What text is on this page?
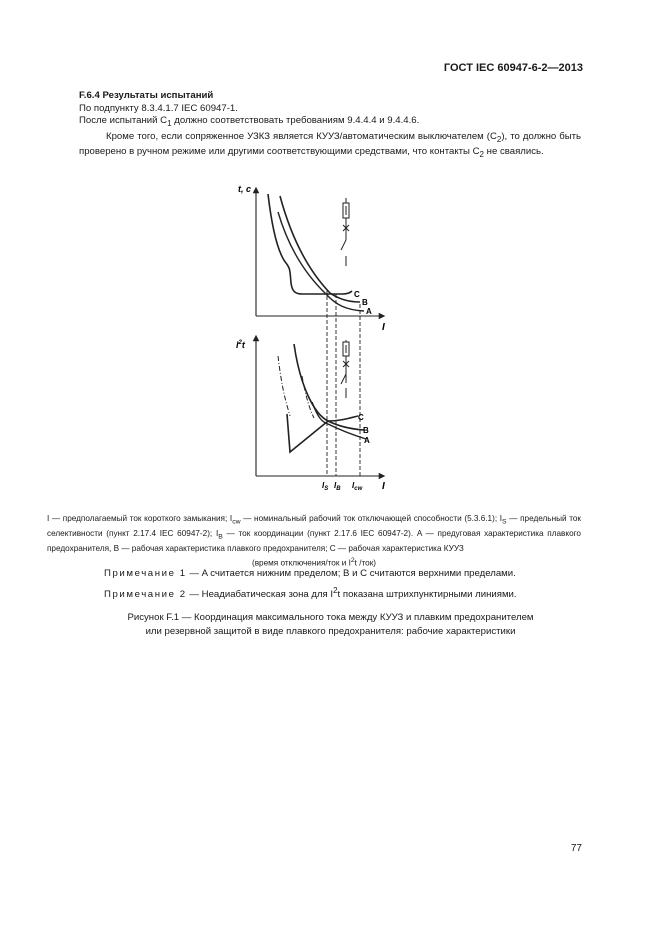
ГОСТ IEC 60947-6-2—2013

F.6.4 Результаты испытаний

По подпункту 8.3.4.1.7 IEC 60947-1.

После испытаний $C_1$ должно соответствовать требованиям 9.4.4.4 и 9.4.4.6.

Кроме того, если сопряженное УЗКЗ является КУУЗ/автоматическим выключателем $(C_2)$, то должно быть проверено в ручном режиме или другими соответствующими средствами, что контакты $C_2$ не сваялись.

t, c
I
C
B
A
$I^2t$
I
C
B
A
$I_S$ $I_B$ $I_{cw}$

I — предполагаемый ток короткого замыкания; $I_{cw}$ — номинальный рабочий ток отключающей способности (5.3.6.1); $I_S$ — предельный ток селективности (пункт 2.17.4 IEC 60947-2); $I_B$ — ток координации (пункт 2.17.6 IEC 60947-2). A — предуговая характеристика плавкого предохранителя, B — рабочая характеристика плавкого предохранителя; C — рабочая характеристика КУУЗ

(время отключения/ток и $I^2t$ /ток)

Примечание 1 — A считается нижним пределом; B и C считаются верхними пределами.
Примечание 2 — Неадиабатическая зона для $I^2t$ показана штрихпунктирными линиями.

Рисунок F.1 — Координация максимального тока между КУУЗ и плавким предохранителем

или резервной защитой в виде плавкого предохранителя: рабочие характеристики

77
